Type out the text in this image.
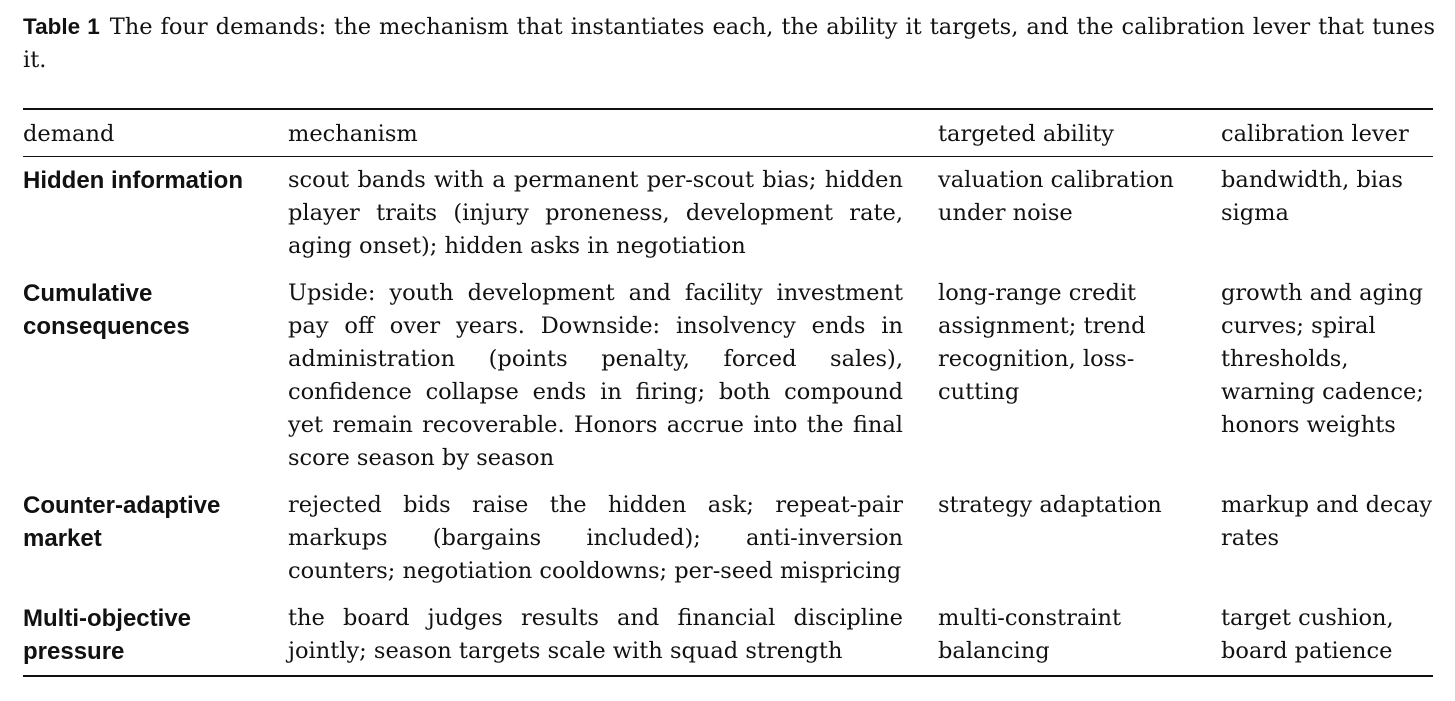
Table 1 The four demands: the mechanism that instantiates each, the ability it targets, and the calibration lever that tunes it.
demand	mechanism	targeted ability	calibration lever
Hidden information	scout bands with a permanent per-scout bias; hidden player traits (injury proneness, development rate, aging onset); hidden asks in negotiation	valuation calibration under noise	bandwidth, bias sigma
Cumulative consequences	Upside: youth development and facility investment pay off over years. Downside: insolvency ends in administration (points penalty, forced sales), confidence collapse ends in firing; both compound yet remain recoverable. Honors accrue into the final score season by season	long-range credit assignment; trend recognition, loss-cutting	growth and aging curves; spiral thresholds, warning cadence; honors weights
Counter-adaptive market	rejected bids raise the hidden ask; repeat-pair markups (bargains included); anti-inversion counters; negotiation cooldowns; per-seed mispricing	strategy adaptation	markup and decay rates
Multi-objective pressure	the board judges results and financial discipline jointly; season targets scale with squad strength	multi-constraint balancing	target cushion, board patience
